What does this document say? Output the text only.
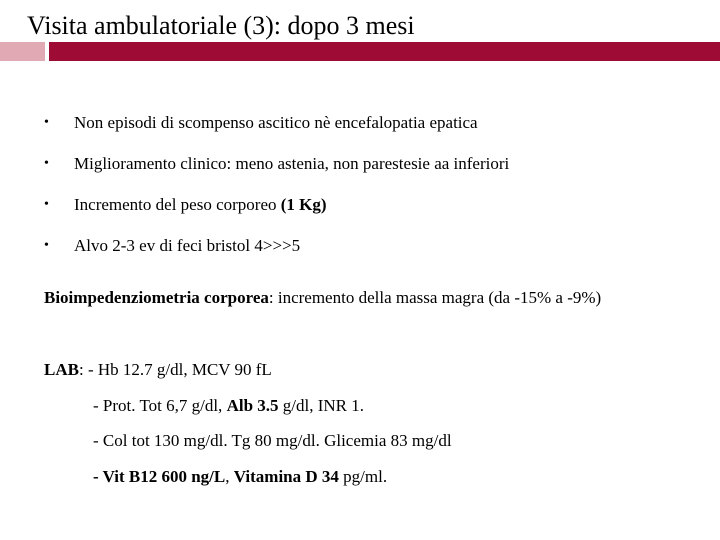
Visita ambulatoriale (3): dopo 3 mesi
•	Non episodi di scompenso ascitico nè encefalopatia epatica
•	Miglioramento clinico: meno astenia, non parestesie aa inferiori
•	Incremento del peso corporeo (1 Kg)
•	Alvo 2-3 ev di feci bristol 4>>>5
Bioimpedenziometria corporea: incremento della massa magra (da -15% a -9%)
LAB: - Hb 12.7 g/dl, MCV 90 fL
- Prot. Tot 6,7 g/dl, Alb 3.5 g/dl, INR 1.
- Col tot 130 mg/dl. Tg 80 mg/dl. Glicemia 83 mg/dl
- Vit B12 600 ng/L, Vitamina D 34 pg/ml.
